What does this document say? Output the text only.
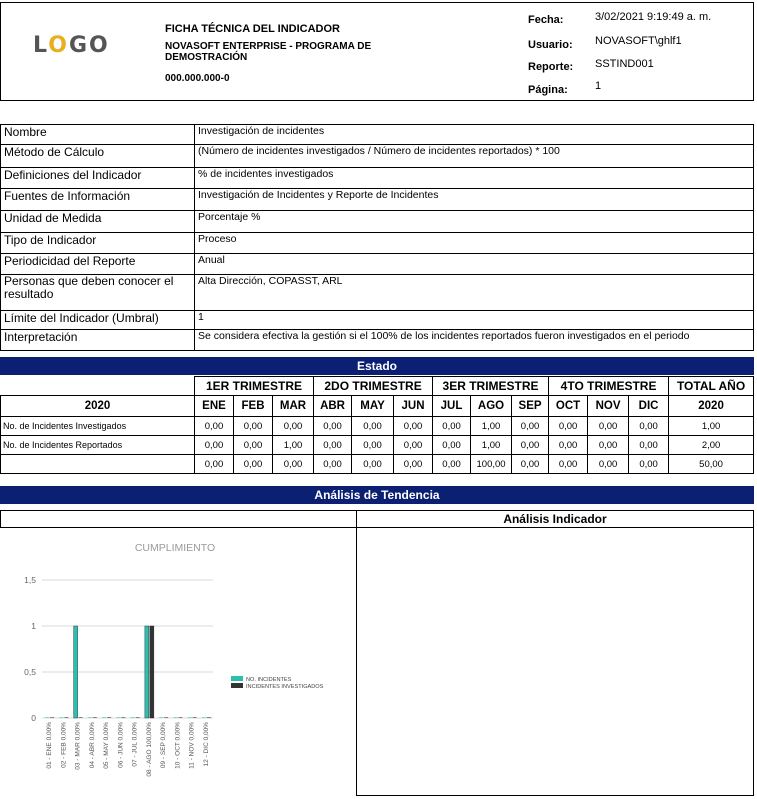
LOGO
FICHA TÉCNICA DEL INDICADOR
NOVASOFT ENTERPRISE - PROGRAMA DE DEMOSTRACIÓN
000.000.000-0
Fecha:	3/02/2021 9:19:49 a. m.
Usuario: NOVASOFT\ghlf1
Reporte: SSTIND001
Página: 1
Nombre	Investigación de incidentes
Método de Cálculo	(Número de incidentes investigados / Número de incidentes reportados) * 100
Definiciones del Indicador	% de incidentes investigados
Fuentes de Información	Investigación de Incidentes y Reporte de Incidentes
Unidad de Medida	Porcentaje %
Tipo de Indicador	Proceso
Periodicidad del Reporte	Anual
Personas que deben conocer el resultado	Alta Dirección, COPASST, ARL
Límite del Indicador (Umbral)	1
Interpretación	Se considera efectiva la gestión si el 100% de los incidentes reportados fueron investigados en el periodo
Estado
	1ER TRIMESTRE			2DO TRIMESTRE			3ER TRIMESTRE			4TO TRIMESTRE			TOTAL AÑO
2020	ENE	FEB	MAR	ABR	MAY	JUN	JUL	AGO	SEP	OCT	NOV	DIC	2020
No. de Incidentes Investigados	0,00	0,00	0,00	0,00	0,00	0,00	0,00	1,00	0,00	0,00	0,00	0,00	1,00
No. de Incidentes Reportados	0,00	0,00	1,00	0,00	0,00	0,00	0,00	1,00	0,00	0,00	0,00	0,00	2,00
	0,00	0,00	0,00	0,00	0,00	0,00	0,00	100,00	0,00	0,00	0,00	0,00	50,00
Análisis de Tendencia
Análisis Indicador
CUMPLIMIENTO
0
0,5
1
1,5
01 - ENE 0,00% 02 - FEB 0,00% 03 - MAR 0,00% 04 - ABR 0,00% 05 - MAY 0,00% 06 - JUN 0,00% 07 - JUL 0,00% 08 - AGO 100,00% 09 - SEP 0,00% 10 - OCT 0,00% 11 - NOV 0,00% 12 - DIC 0,00%
NO. INCIDENTES
INCIDENTES INVESTIGADOS
